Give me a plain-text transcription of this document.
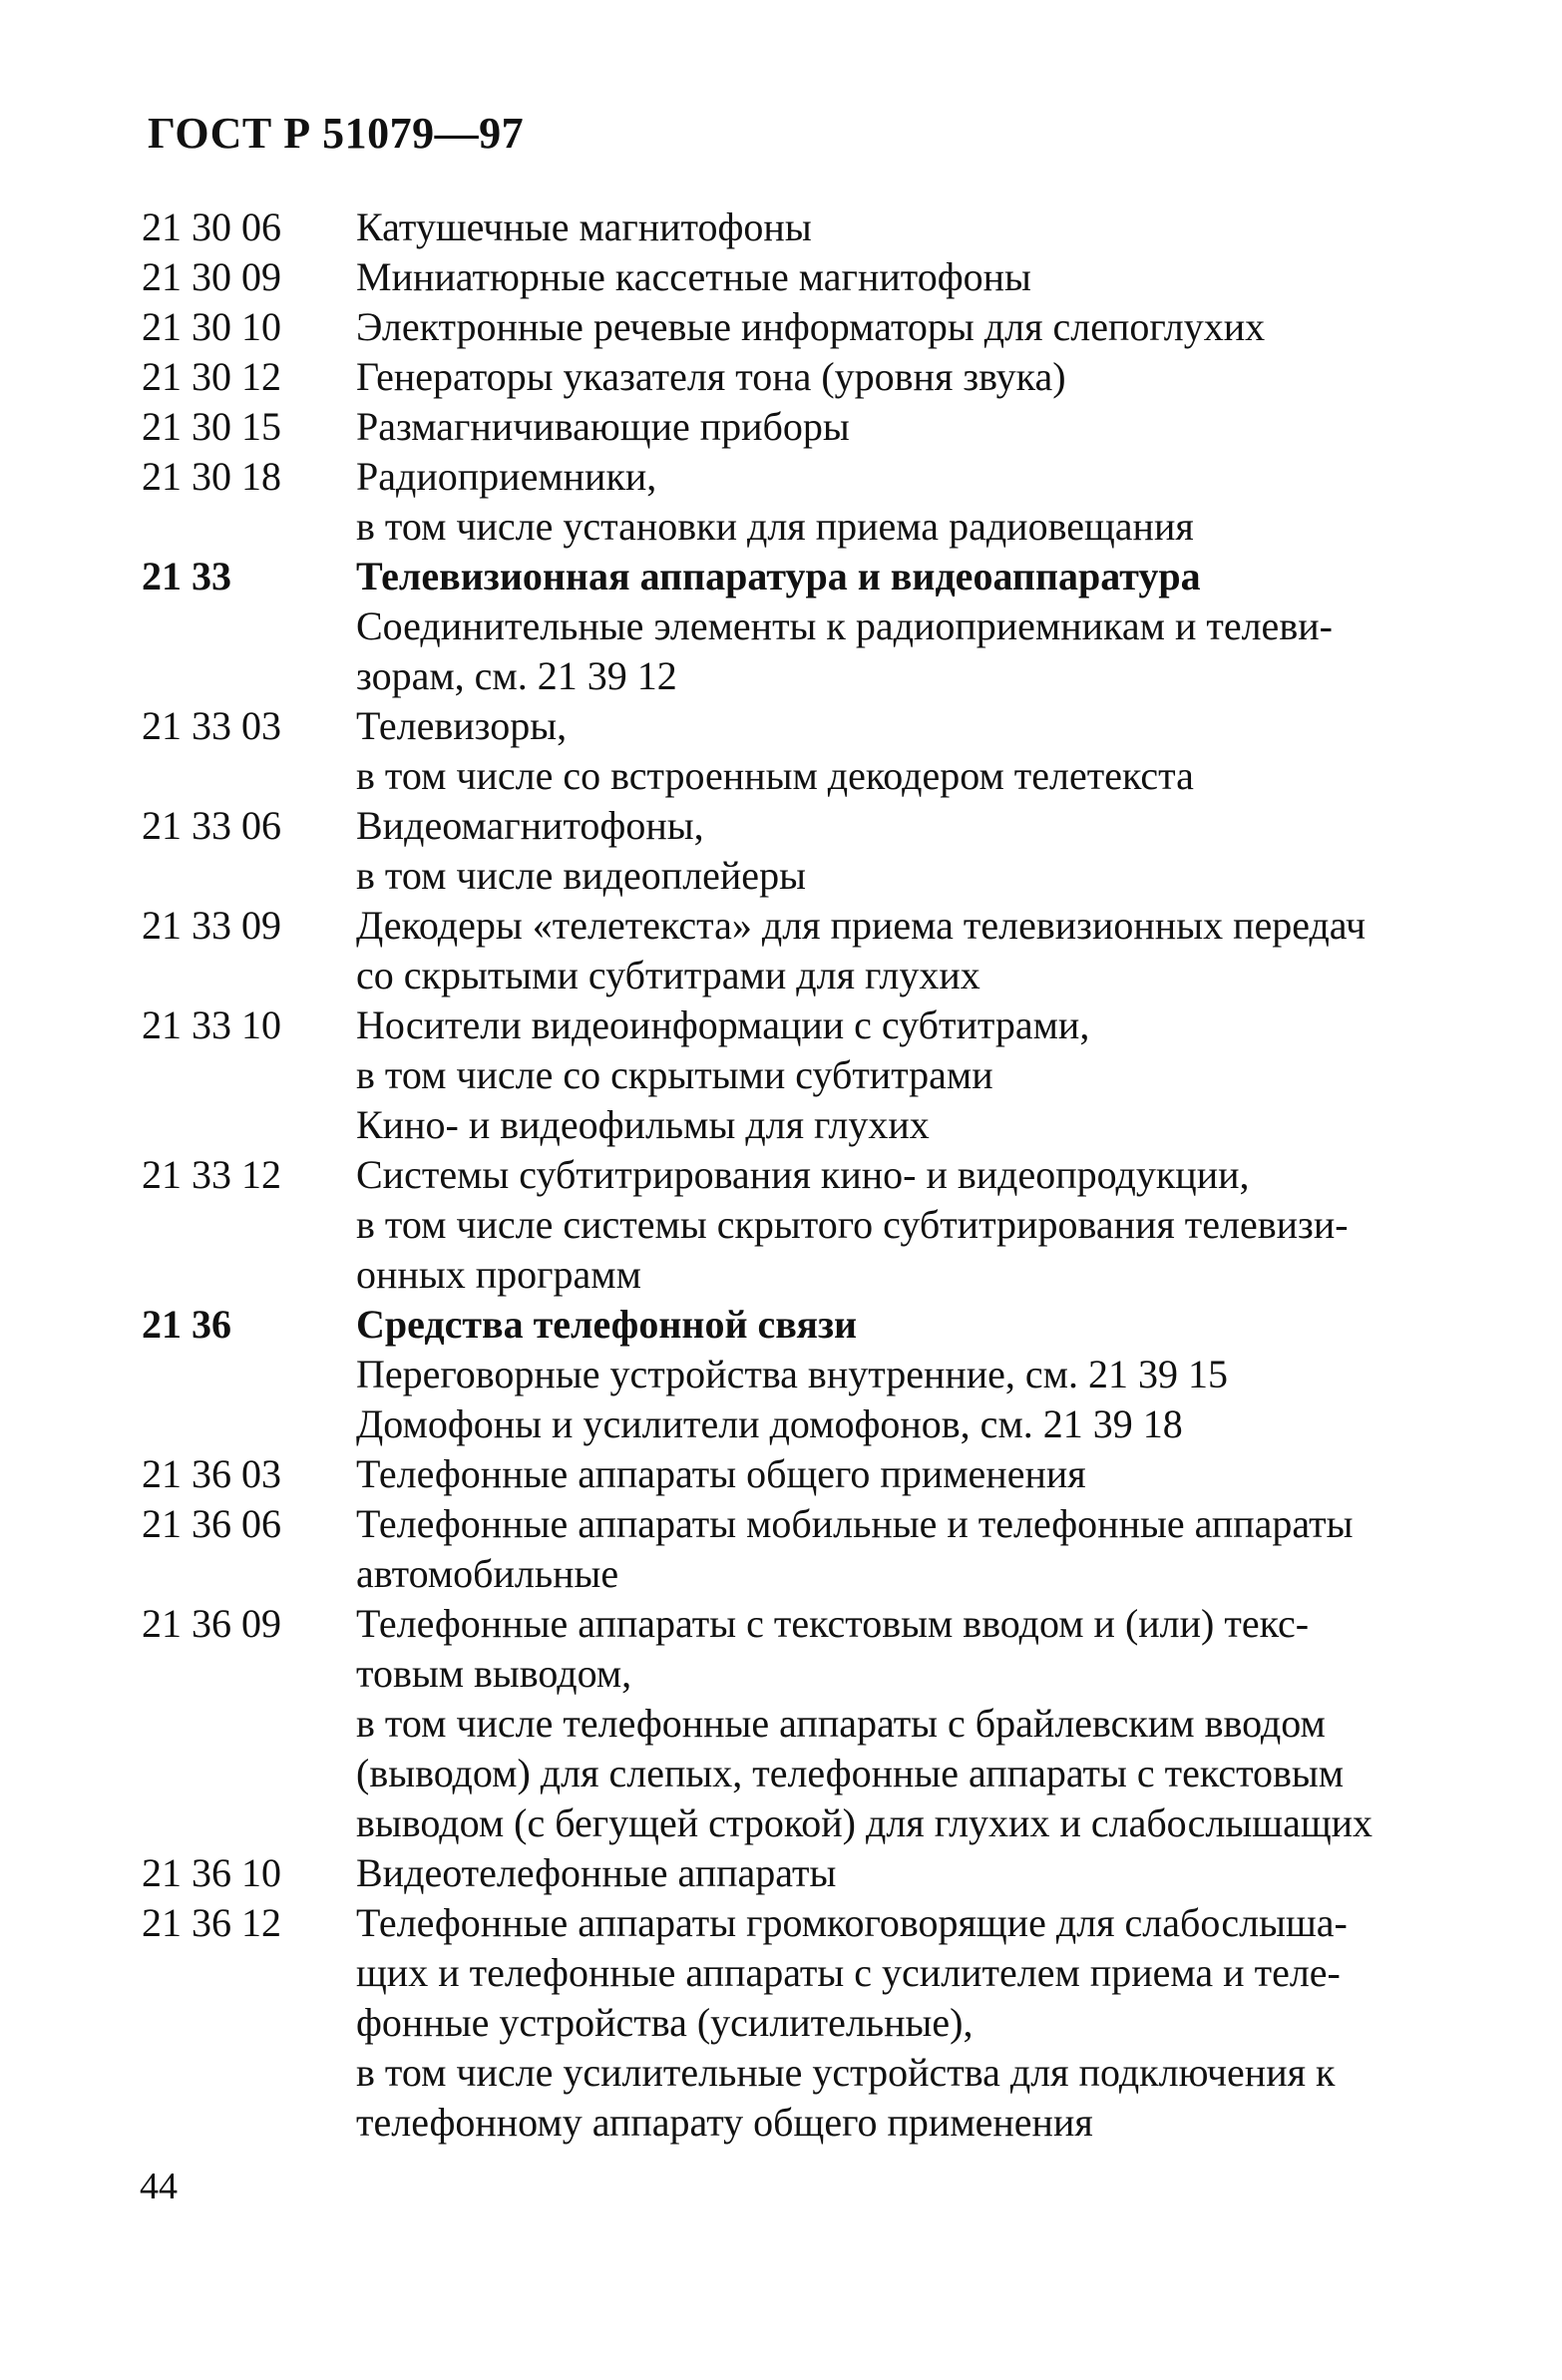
ГОСТ Р 51079—97
21 30 06	Катушечные магнитофоны
21 30 09	Миниатюрные кассетные магнитофоны
21 30 10	Электронные речевые информаторы для слепоглухих
21 30 12	Генераторы указателя тона (уровня звука)
21 30 15	Размагничивающие приборы
21 30 18	Радиоприемники,
в том числе установки для приема радиовещания
21 33	Телевизионная аппаратура и видеоаппаратура
Соединительные элементы к радиоприемникам и телеви-
зорам, см. 21 39 12
21 33 03	Телевизоры,
в том числе со встроенным декодером телетекста
21 33 06	Видеомагнитофоны,
в том числе видеоплейеры
21 33 09	Декодеры «телетекста» для приема телевизионных передач
со скрытыми субтитрами для глухих
21 33 10	Носители видеоинформации с субтитрами,
в том числе со скрытыми субтитрами
Кино- и видеофильмы для глухих
21 33 12	Системы субтитрирования кино- и видеопродукции,
в том числе системы скрытого субтитрирования телевизи-
онных программ
21 36	Средства телефонной связи
Переговорные устройства внутренние, см. 21 39 15
Домофоны и усилители домофонов, см. 21 39 18
21 36 03	Телефонные аппараты общего применения
21 36 06	Телефонные аппараты мобильные и телефонные аппараты
автомобильные
21 36 09	Телефонные аппараты с текстовым вводом и (или) текс-
товым выводом,
в том числе телефонные аппараты с брайлевским вводом
(выводом) для слепых, телефонные аппараты с текстовым
выводом (с бегущей строкой) для глухих и слабослышащих
21 36 10	Видеотелефонные аппараты
21 36 12	Телефонные аппараты громкоговорящие для слабослыша-
щих и телефонные аппараты с усилителем приема и теле-
фонные устройства (усилительные),
в том числе усилительные устройства для подключения к
телефонному аппарату общего применения
44
